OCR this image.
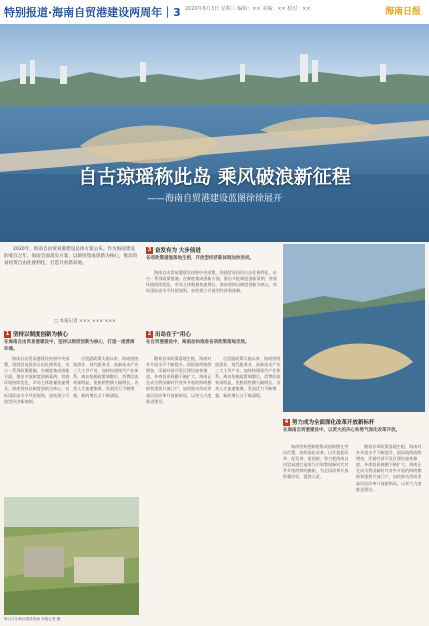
特别报道·海南自贸港建设两周年｜3 2020年6月3日 星期三 编辑：×× 美编：×× 校对：××	海南日报
自古琼瑶称此岛 乘风破浪新征程
——海南自贸港建设蓝图徐徐展开
2020年，海南自由贸易港建设总体方案公布。作为海南建设的收官之年，海南全面落实方案，以制度集成创新为核心，推动贸易投资自由化便利化，打造开放新高地。
□ 本报记者 ××× ××× ×××
1 坚持以制度创新为核心
在海南自由贸易港建设中，坚持以制度创新为核心，打造一流营商环境。
海南自由贸易港建设按照中央部署，围绕贸易投资自由化便利化，出台一系列政策措施。在制度集成创新方面，推出多批制度创新案例，营商环境持续优化，市场主体数量快速增长。海南坚持以制度创新为核心，对标国际高水平经贸规则，加快建立开放型经济新体制。
自贸港政策实施以来，海南围绕旅游业、现代服务业、高新技术产业三大主导产业，加快构建现代产业体系。离岛免税政策调整后，消费回流效果明显，免税销售额大幅增长。各类人才加速集聚，发展活力不断增强，新的增长点不断涌现。
海口江东新区建设现场 本报记者 摄
2 出岛在于"用心
在自贸港建设中，海南加快推进各项政策落地见效。
随着各项政策落地生根，海南对外开放水平不断提升。国际航线持续增加，洋浦经济开发区建设加快推进，外商投资规模不断扩大。海南正在成为我国新时代对外开放的鲜明旗帜和重要开放门户，加快推动形成更高层次改革开放新格局，以更大力度推进建设。
自贸港政策实施以来，海南围绕旅游业、现代服务业、高新技术产业三大主导产业，加快构建现代产业体系。离岛免税政策调整后，消费回流效果明显，免税销售额大幅增长。各类人才加速集聚，发展活力不断增强，新的增长点不断涌现。
3 奋发有为 大步前进
各项政策措施落地生根，开放型经济新体制加快形成。
海南自由贸易港建设按照中央部署，围绕贸易投资自由化便利化，出台一系列政策措施。在制度集成创新方面，推出多批制度创新案例，营商环境持续优化，市场主体数量快速增长。海南坚持以制度创新为核心，对标国际高水平经贸规则，加快建立开放型经济新体制。
4 努力成为全面深化改革开放新标杆
在海南自贸港建设中，以更大的决心和勇气深化改革开放。
海南坚持把制度集成创新摆在突出位置，持续深化改革，以开放促改革、促发展、促创新，努力把海南自由贸易港打造成为引领我国新时代对外开放的鲜明旗帜，为全国改革开放积累经验、提供示范。
随着各项政策落地生根，海南对外开放水平不断提升。国际航线持续增加，洋浦经济开发区建设加快推进，外商投资规模不断扩大。海南正在成为我国新时代对外开放的鲜明旗帜和重要开放门户，加快推动形成更高层次改革开放新格局，以更大力度推进建设。
